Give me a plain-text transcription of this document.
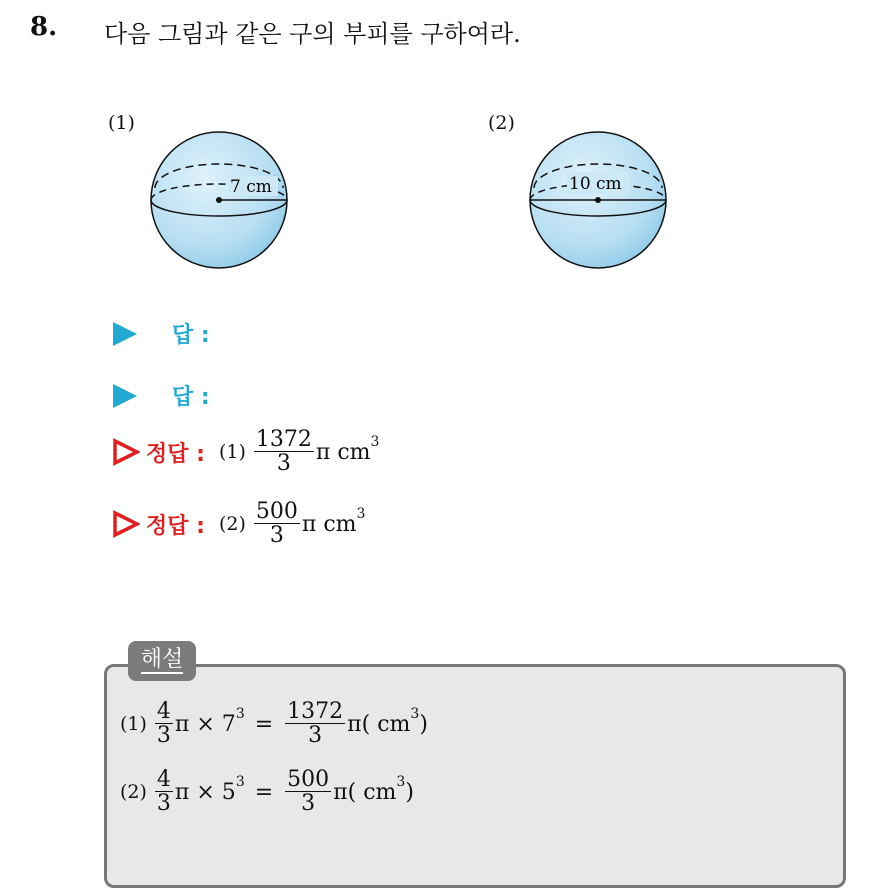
8. 다음 그림과 같은 구의 부피를 구하여라.
(1)
7 cm
(2)
10 cm
답 :
답 :
정답 : $(1) \frac{1372}{3}$ π cm 3
정답 : $(2) \frac{500}{3}$ π cm 3
해설
$(1) \frac{4}{3}$ π × 7 $3 = \frac{1372}{3} \pi$( cm 3 )
$(2) \frac{4}{3}$ π × 5 $3 = \frac{500}{3} \pi$( cm 3 )
